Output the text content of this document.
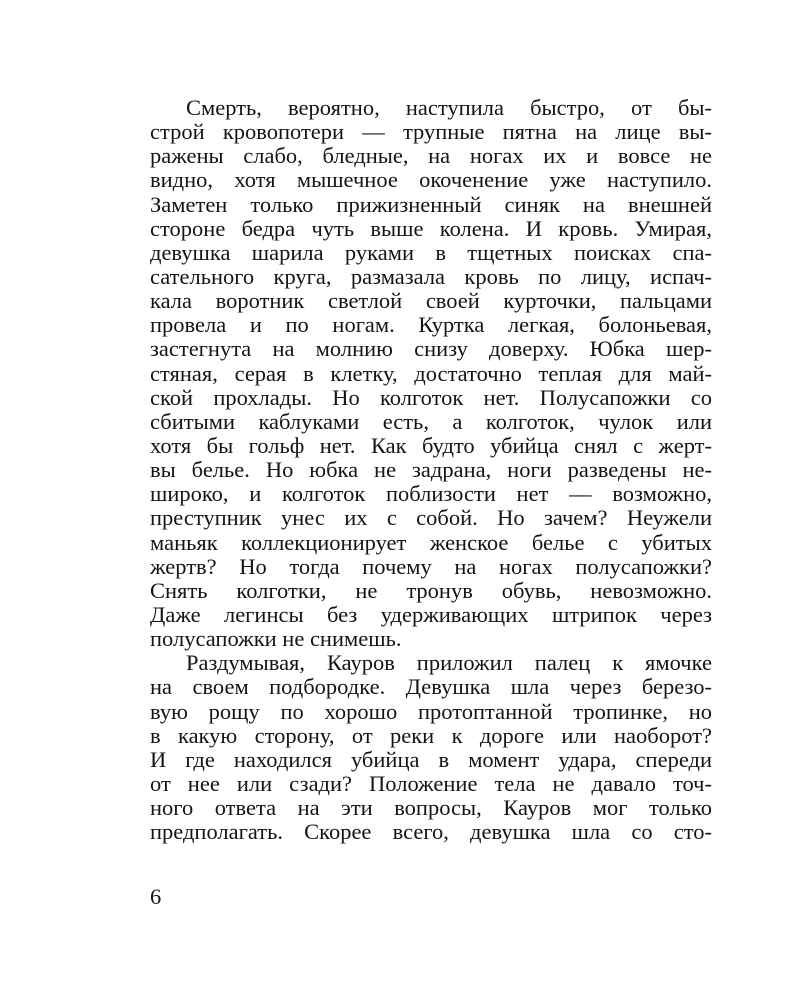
Смерть, вероятно, наступила быстро, от бы-
строй кровопотери — трупные пятна на лице вы-
ражены слабо, бледные, на ногах их и вовсе не
видно, хотя мышечное окоченение уже наступило.
Заметен только прижизненный синяк на внешней
стороне бедра чуть выше колена. И кровь. Умирая,
девушка шарила руками в тщетных поисках спа-
сательного круга, размазала кровь по лицу, испач-
кала воротник светлой своей курточки, пальцами
провела и по ногам. Куртка легкая, болоньевая,
застегнута на молнию снизу доверху. Юбка шер-
стяная, серая в клетку, достаточно теплая для май-
ской прохлады. Но колготок нет. Полусапожки со
сбитыми каблуками есть, а колготок, чулок или
хотя бы гольф нет. Как будто убийца снял с жерт-
вы белье. Но юбка не задрана, ноги разведены не-
широко, и колготок поблизости нет — возможно,
преступник унес их с собой. Но зачем? Неужели
маньяк коллекционирует женское белье с убитых
жертв? Но тогда почему на ногах полусапожки?
Снять колготки, не тронув обувь, невозможно.
Даже легинсы без удерживающих штрипок через
полусапожки не снимешь.
Раздумывая, Кауров приложил палец к ямочке
на своем подбородке. Девушка шла через березо-
вую рощу по хорошо протоптанной тропинке, но
в какую сторону, от реки к дороге или наоборот?
И где находился убийца в момент удара, спереди
от нее или сзади? Положение тела не давало точ-
ного ответа на эти вопросы, Кауров мог только
предполагать. Скорее всего, девушка шла со сто-
6
